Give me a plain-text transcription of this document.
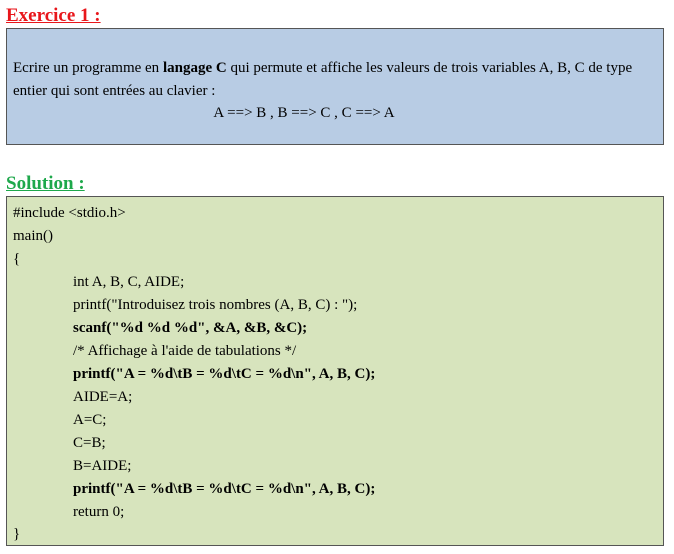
Exercice 1 :
Ecrire un programme en langage C qui permute et affiche les valeurs de trois variables A, B, C de type entier qui sont entrées au clavier :
A ==> B , B ==> C , C ==> A
Solution :
#include <stdio.h>
main()
{
int A, B, C, AIDE;
printf("Introduisez trois nombres (A, B, C) : ");
scanf("%d %d %d", &A, &B, &C);
/* Affichage à l'aide de tabulations */
printf("A = %d\tB = %d\tC = %d\n", A, B, C);
AIDE=A;
A=C;
C=B;
B=AIDE;
printf("A = %d\tB = %d\tC = %d\n", A, B, C);
return 0;
}
